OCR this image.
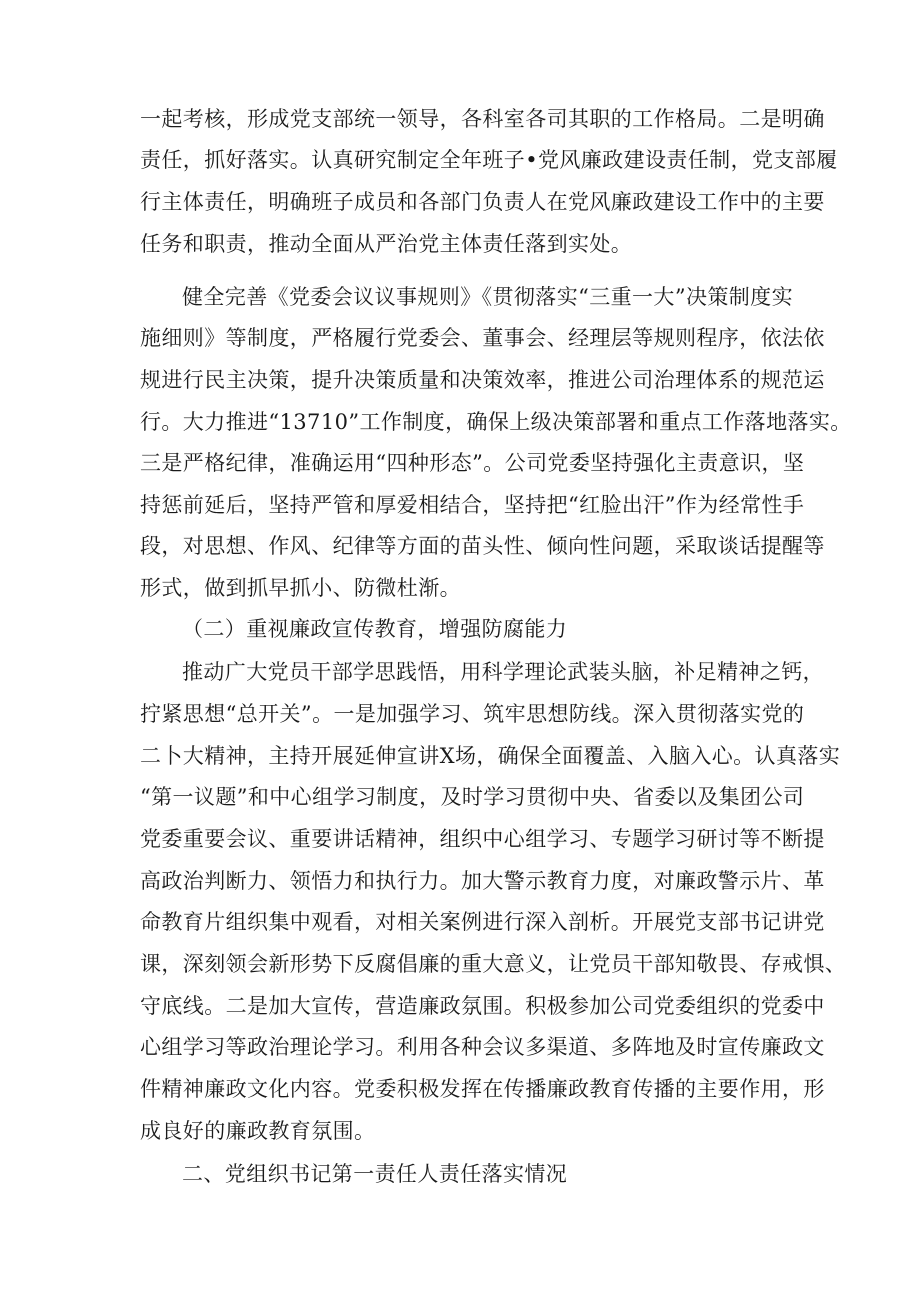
一起考核，形成党支部统一领导，各科室各司其职的工作格局。二是明确
责任，抓好落实。认真研究制定全年班子•党风廉政建设责任制，党支部履
行主体责任，明确班子成员和各部门负责人在党风廉政建设工作中的主要
任务和职责，推动全面从严治党主体责任落到实处。
健全完善《党委会议议事规则》《贯彻落实“三重一大”决策制度实
施细则》等制度，严格履行党委会、董事会、经理层等规则程序，依法依
规进行民主决策，提升决策质量和决策效率，推进公司治理体系的规范运
行。大力推进“13710”工作制度，确保上级决策部署和重点工作落地落实。
三是严格纪律，准确运用“四种形态”。公司党委坚持强化主责意识，坚
持惩前延后，坚持严管和厚爱相结合，坚持把“红脸出汗”作为经常性手
段，对思想、作风、纪律等方面的苗头性、倾向性问题，采取谈话提醒等
形式，做到抓早抓小、防微杜渐。
（二）重视廉政宣传教育，增强防腐能力
推动广大党员干部学思践悟，用科学理论武装头脑，补足精神之钙，
拧紧思想“总开关”。一是加强学习、筑牢思想防线。深入贯彻落实党的
二卜大精神，主持开展延伸宣讲X场，确保全面覆盖、入脑入心。认真落实
“第一议题”和中心组学习制度，及时学习贯彻中央、省委以及集团公司
党委重要会议、重要讲话精神，组织中心组学习、专题学习研讨等不断提
高政治判断力、领悟力和执行力。加大警示教育力度，对廉政警示片、革
命教育片组织集中观看，对相关案例进行深入剖析。开展党支部书记讲党
课，深刻领会新形势下反腐倡廉的重大意义，让党员干部知敬畏、存戒惧、
守底线。二是加大宣传，营造廉政氛围。积极参加公司党委组织的党委中
心组学习等政治理论学习。利用各种会议多渠道、多阵地及时宣传廉政文
件精神廉政文化内容。党委积极发挥在传播廉政教育传播的主要作用，形
成良好的廉政教育氛围。
二、党组织书记第一责任人责任落实情况
